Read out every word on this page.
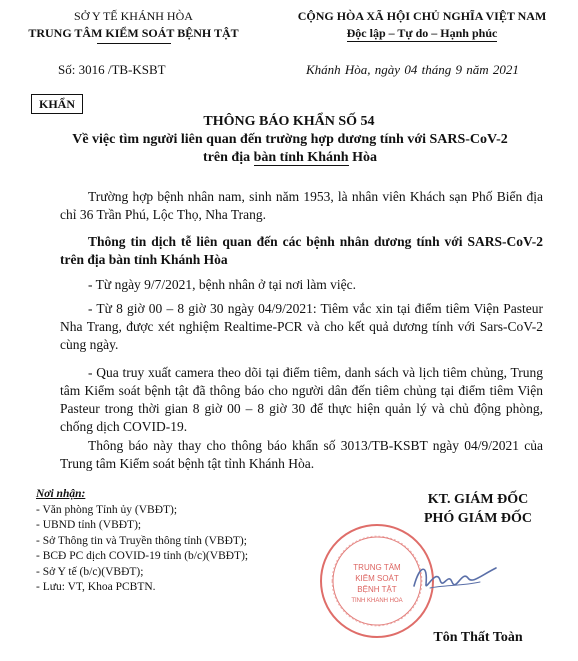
SỞ Y TẾ KHÁNH HÒA
TRUNG TÂM KIỂM SOÁT BỆNH TẬT
CỘNG HÒA XÃ HỘI CHỦ NGHĨA VIỆT NAM
Độc lập – Tự do – Hạnh phúc
Số: 3016 /TB-KSBT	Khánh Hòa, ngày 04 tháng 9 năm 2021
KHẨN
THÔNG BÁO KHẨN SỐ 54
Về việc tìm người liên quan đến trường hợp dương tính với SARS-CoV-2
trên địa bàn tỉnh Khánh Hòa
Trường hợp bệnh nhân nam, sinh năm 1953, là nhân viên Khách sạn Phố Biển địa chỉ 36 Trần Phú, Lộc Thọ, Nha Trang.
Thông tin dịch tễ liên quan đến các bệnh nhân dương tính với SARS-CoV-2 trên địa bàn tỉnh Khánh Hòa
- Từ ngày 9/7/2021, bệnh nhân ở tại nơi làm việc.
- Từ 8 giờ 00 – 8 giờ 30 ngày 04/9/2021: Tiêm vắc xin tại điểm tiêm Viện Pasteur Nha Trang, được xét nghiệm Realtime-PCR và cho kết quả dương tính với Sars-CoV-2 cùng ngày.
- Qua truy xuất camera theo dõi tại điểm tiêm, danh sách và lịch tiêm chủng, Trung tâm Kiểm soát bệnh tật đã thông báo cho người dân đến tiêm chủng tại điểm tiêm Viện Pasteur trong thời gian 8 giờ 00 – 8 giờ 30 để thực hiện quản lý và chủ động phòng, chống dịch COVID-19.
Thông báo này thay cho thông báo khẩn số 3013/TB-KSBT ngày 04/9/2021 của Trung tâm Kiểm soát bệnh tật tỉnh Khánh Hòa.
Nơi nhận:
- Văn phòng Tỉnh ủy (VBĐT);
- UBND tỉnh (VBĐT);
- Sở Thông tin và Truyền thông tỉnh (VBĐT);
- BCĐ PC dịch COVID-19 tỉnh (b/c)(VBĐT);
- Sở Y tế (b/c)(VBĐT);
- Lưu: VT, Khoa PCBTN.
KT. GIÁM ĐỐC
PHÓ GIÁM ĐỐC
TRUNG TÂM
KIỂM SOÁT
BỆNH TẬT
TỈNH KHÁNH HÒA
Tôn Thất Toàn
